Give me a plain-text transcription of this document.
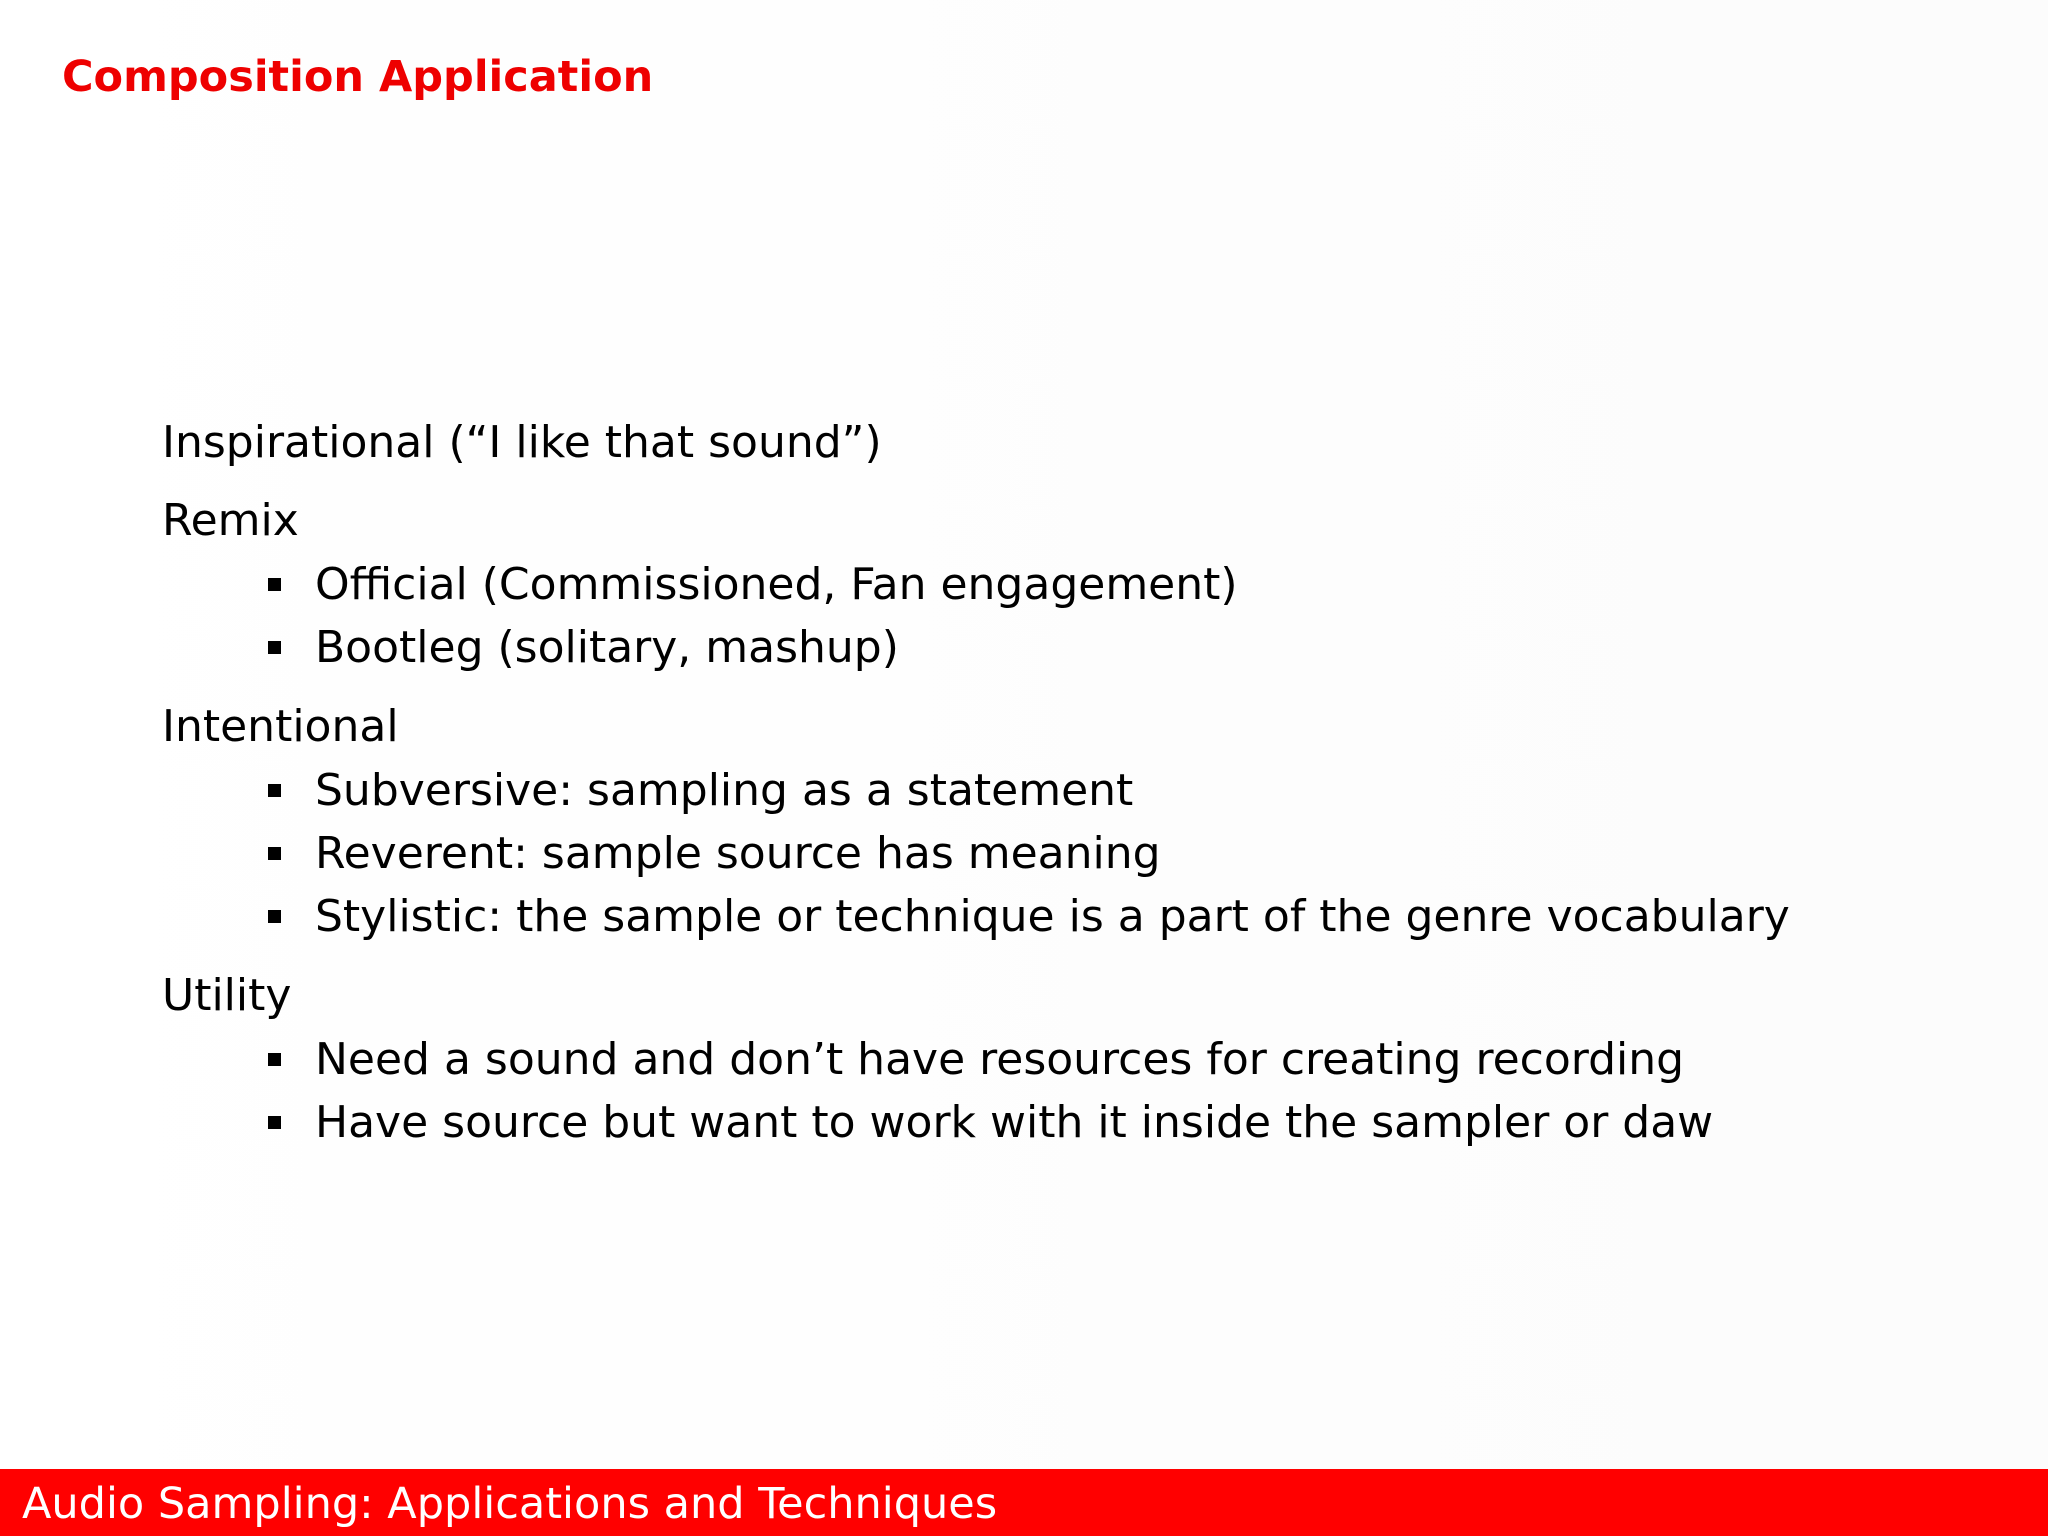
Composition Application
Inspirational (“I like that sound”)
Remix
Official (Commissioned, Fan engagement)
Bootleg (solitary, mashup)
Intentional
Subversive: sampling as a statement
Reverent: sample source has meaning
Stylistic: the sample or technique is a part of the genre vocabulary
Utility
Need a sound and don’t have resources for creating recording
Have source but want to work with it inside the sampler or daw
Audio Sampling: Applications and Techniques
